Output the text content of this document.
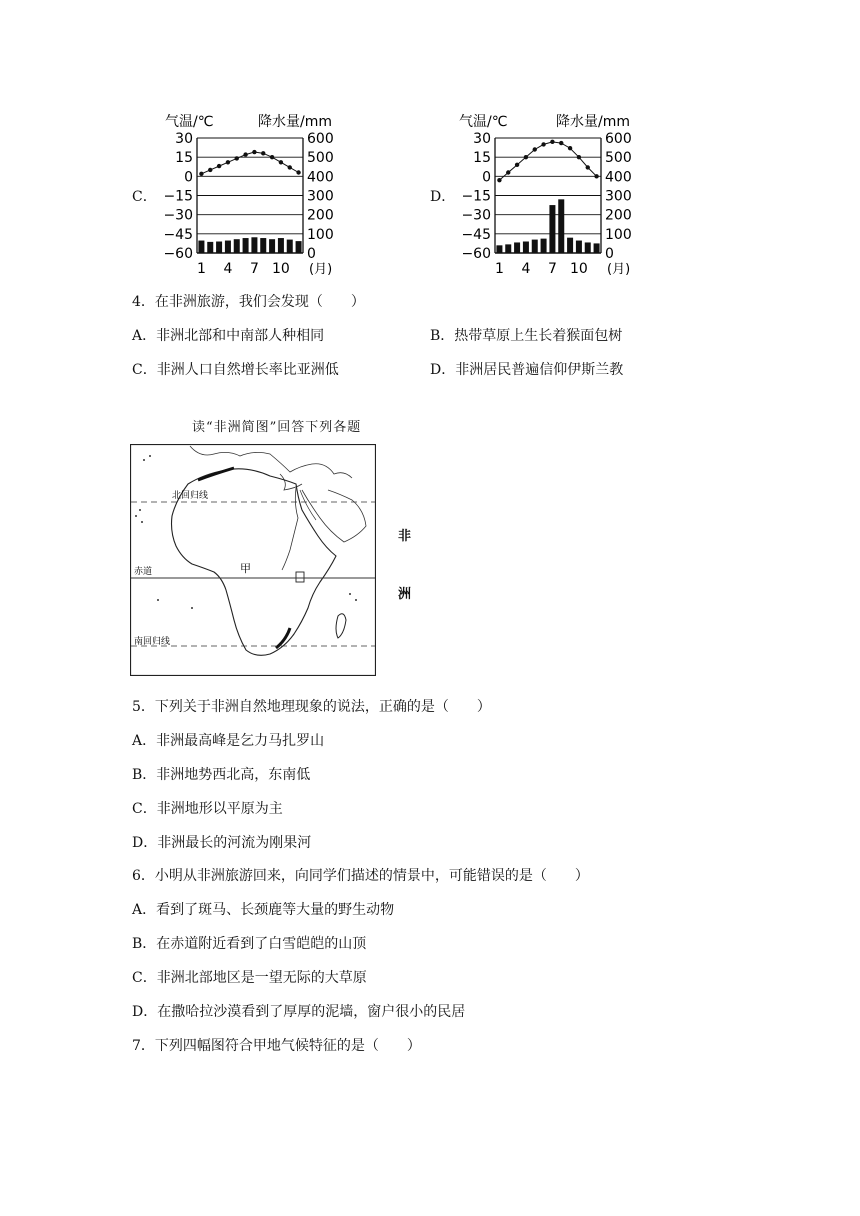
C．
气温/℃	降水量/mm
30
15
0
−15
−30
−45
−60
600
500
400
300
200
100
0
1 4 7 10 (月)
D．
气温/℃	降水量/mm
30
15
0
−15
−30
−45
−60
600
500
400
300
200
100
0
1 4 7 10 (月)
4．在非洲旅游，我们会发现（　　）
A．非洲北部和中南部人种相同	B．热带草原上生长着猴面包树
C．非洲人口自然增长率比亚洲低	D．非洲居民普遍信仰伊斯兰教
读“非洲简图”回答下列各题
北回归线
赤道
南回归线
甲
非
洲
5．下列关于非洲自然地理现象的说法，正确的是（　　）
A．非洲最高峰是乞力马扎罗山
B．非洲地势西北高，东南低
C．非洲地形以平原为主
D．非洲最长的河流为刚果河
6．小明从非洲旅游回来，向同学们描述的情景中，可能错误的是（　　）
A．看到了斑马、长颈鹿等大量的野生动物
B．在赤道附近看到了白雪皑皑的山顶
C．非洲北部地区是一望无际的大草原
D．在撒哈拉沙漠看到了厚厚的泥墙，窗户很小的民居
7．下列四幅图符合甲地气候特征的是（　　）
